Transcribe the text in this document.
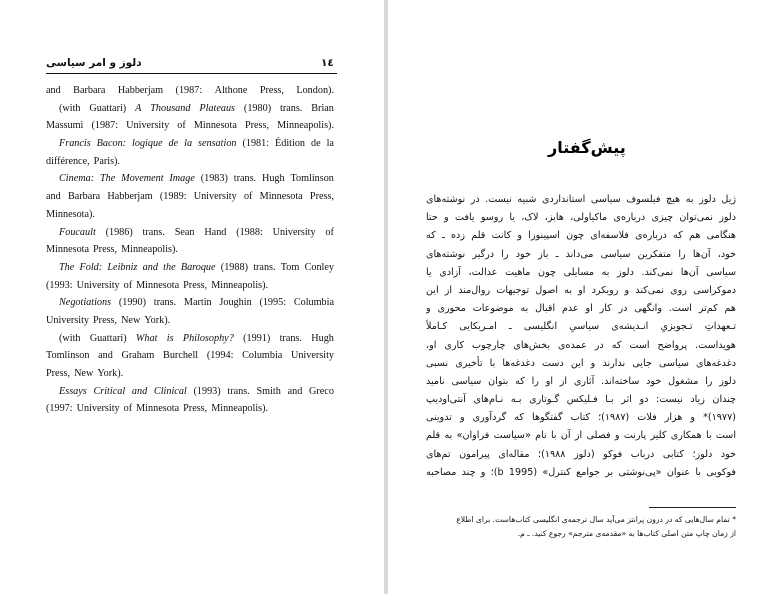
دلوز و امر سیاسی	١٤
and Barbara Habberjam (1987: Althone Press, London).
(with Guattari) A Thousand Plateaus (1980) trans. Brian
Massumi (1987: University of Minnesota Press, Minneapolis).
Francis Bacon: logique de la sensation (1981: Édition de la
différence, Paris).
Cinema: The Movement Image (1983) trans. Hugh Tomlinson
and Barbara Habberjam (1989: University of Minnesota Press,
Minnesota).
Foucault (1986) trans. Sean Hand (1988: University of
Minnesota Press, Minneapolis).
The Fold: Leibniz and the Baroque (1988) trans. Tom Conley
(1993: University of Minnesota Press, Minneapolis).
Negotiations (1990) trans. Martin Joughin (1995: Columbia
University Press, New York).
(with Guattari) What is Philosophy? (1991) trans. Hugh
Tomlinson and Graham Burchell (1994: Columbia University
Press, New York).
Essays Critical and Clinical (1993) trans. Smith and Greco
(1997: University of Minnesota Press, Minneapolis).
پیش‌گفتار
ژیل دلوز به هیچ فیلسوف سیاسی استانداردی شبیه نیست. در نوشته‌های
دلوز نمی‌توان چیزی درباره‌ی ماکیاولی، هابز، لاک، یا روسو یافت و حتا
هنگامی هم که درباره‌ی فلاسفه‌ای چون اسپینوزا و کانت قلم زده ـ که
خود، آن‌ها را متفکرین سیاسی می‌داند ـ باز خود را درگیر نوشته‌های
سیاسی آن‌ها نمی‌کند. دلوز به مسایلی چون ماهیت عدالت، آزادی یا
دموکراسی روی نمی‌کند و رویکرد او به اصول توجیهات روال‌مند از این
هم کم‌تر است. وانگهی در کار او عدم اقبال به موضوعات محوری و
تـعهداتِ تـجویزیِ انـدیشه‌ی سیاسیِ انگلیسی ـ امـریکایی کـاملاً
هویداست. پرواضح است که در عمده‌ی بخش‌های چارچوب کاری او،
دغدغه‌های سیاسی جایی ندارند و این دست دغدغه‌ها با تأخیری نسبی
دلوز را مشغول خود ساخته‌اند. آثاری از او را که بتوان سیاسی نامید
چندان زیاد نیست: دو اثر بـا فـلیکس گـوتاری بـه نـام‌های آنتی‌اودیپ
(۱۹۷۷)* و هزار فلات (۱۹۸۷)؛ کتاب گفتگوها که گردآوری و تدوینی
است با همکاری کلیر پارنت و فصلی از آن با نام «سیاست فراوان» به قلم
خود دلوز؛ کتابی درباب فوکو (دلوز ۱۹۸۸)؛ مقاله‌ای پیرامون تم‌های
فوکویی با عنوان «پی‌نوشتی بر جوامع کنترل» (1995 b)؛ و چند مصاحبه
* تمام سال‌هایی که در درون پرانتز می‌آید سال ترجمه‌ی انگلیسی کتاب‌هاست. برای اطلاع
از زمان چاپ متن اصلی کتاب‌ها به «مقدمه‌ی مترجم» رجوع کنید. ـ م.
